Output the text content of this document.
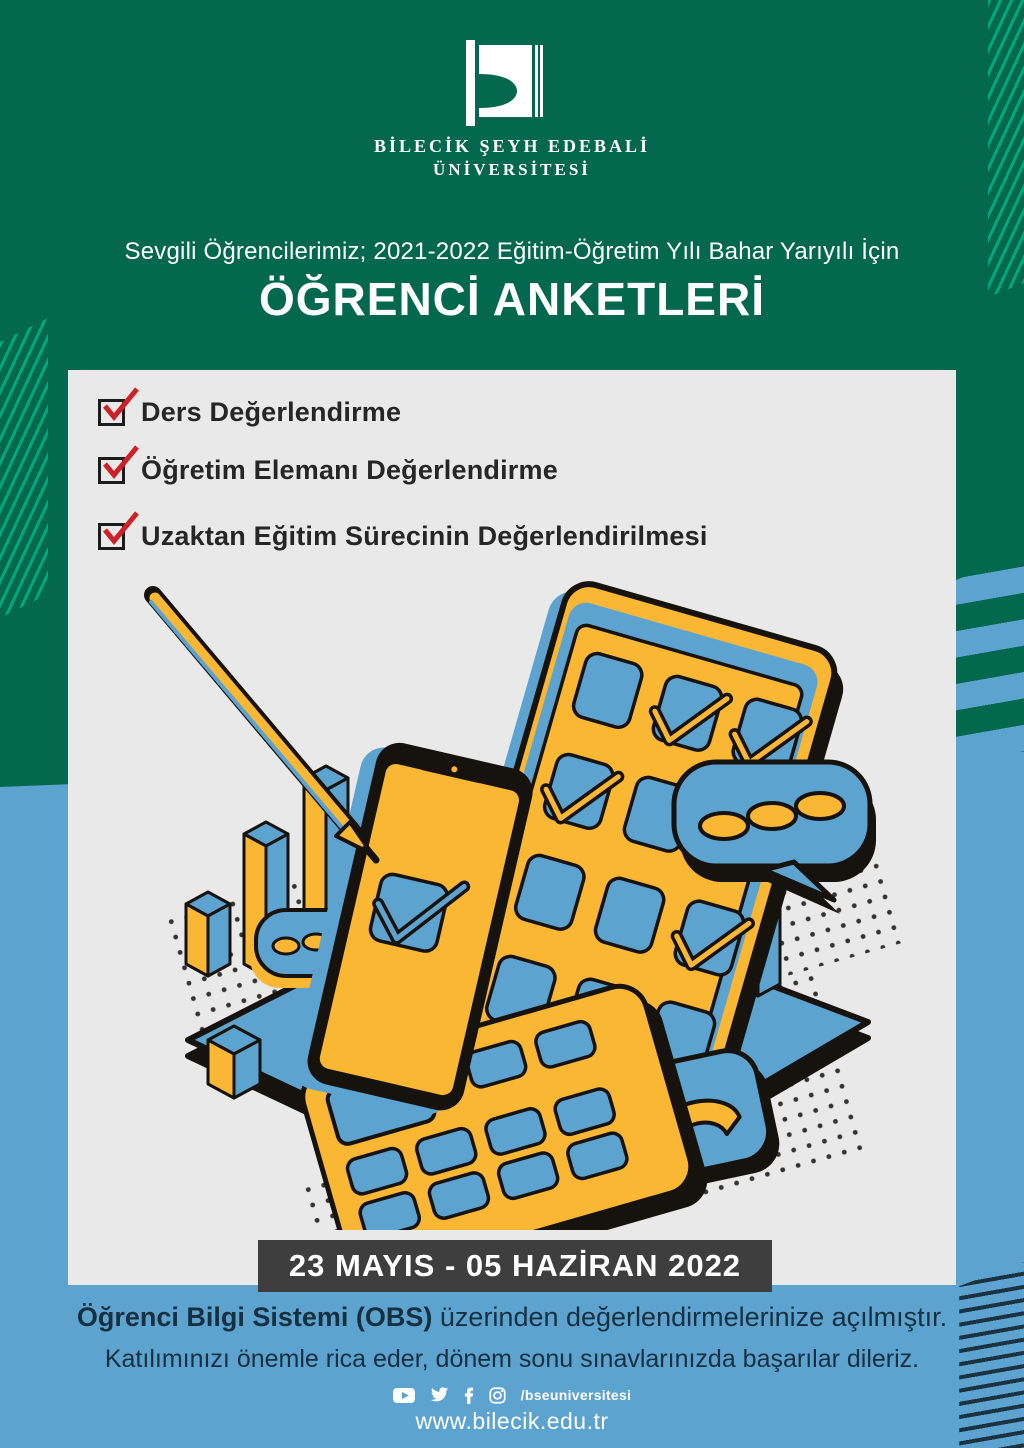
BİLECİK ŞEYH EDEBALİ
ÜNİVERSİTESİ
Sevgili Öğrencilerimiz; 2021-2022 Eğitim-Öğretim Yılı Bahar Yarıyılı İçin
ÖĞRENCİ ANKETLERİ
Ders Değerlendirme
Öğretim Elemanı Değerlendirme
Uzaktan Eğitim Sürecinin Değerlendirilmesi
23 MAYIS - 05 HAZİRAN 2022
Öğrenci Bilgi Sistemi (OBS) üzerinden değerlendirmelerinize açılmıştır.
Katılımınızı önemle rica eder, dönem sonu sınavlarınızda başarılar dileriz.
/bseuniversitesi
www.bilecik.edu.tr
